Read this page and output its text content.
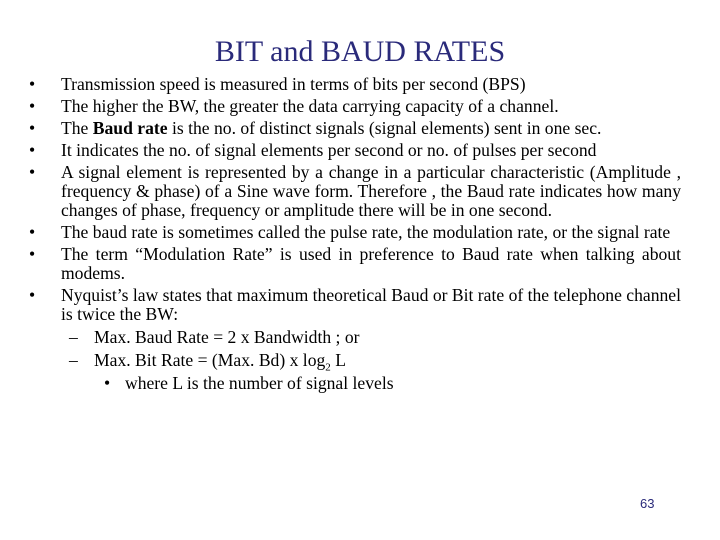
BIT and BAUD RATES
• Transmission speed is measured in terms of bits per second (BPS)
• The higher the BW, the greater the data carrying capacity of a channel.
• The Baud rate is the no. of distinct signals (signal elements) sent in one sec.
• It indicates the no. of signal elements per second or no. of pulses per second
• A signal element is represented by a change in a particular characteristic (Amplitude , frequency & phase) of a Sine wave form. Therefore , the Baud rate indicates how many changes of phase, frequency or amplitude there will be in one second.
• The baud rate is sometimes called the pulse rate, the modulation rate, or the signal rate
• The term “Modulation Rate” is used in preference to Baud rate when talking about modems.
• Nyquist’s law states that maximum theoretical Baud or Bit rate of the telephone channel is twice the BW:
– Max. Baud Rate = 2 x Bandwidth ; or
– Max. Bit Rate = (Max. Bd) x $\log_2 L$
• where L is the number of signal levels
63
